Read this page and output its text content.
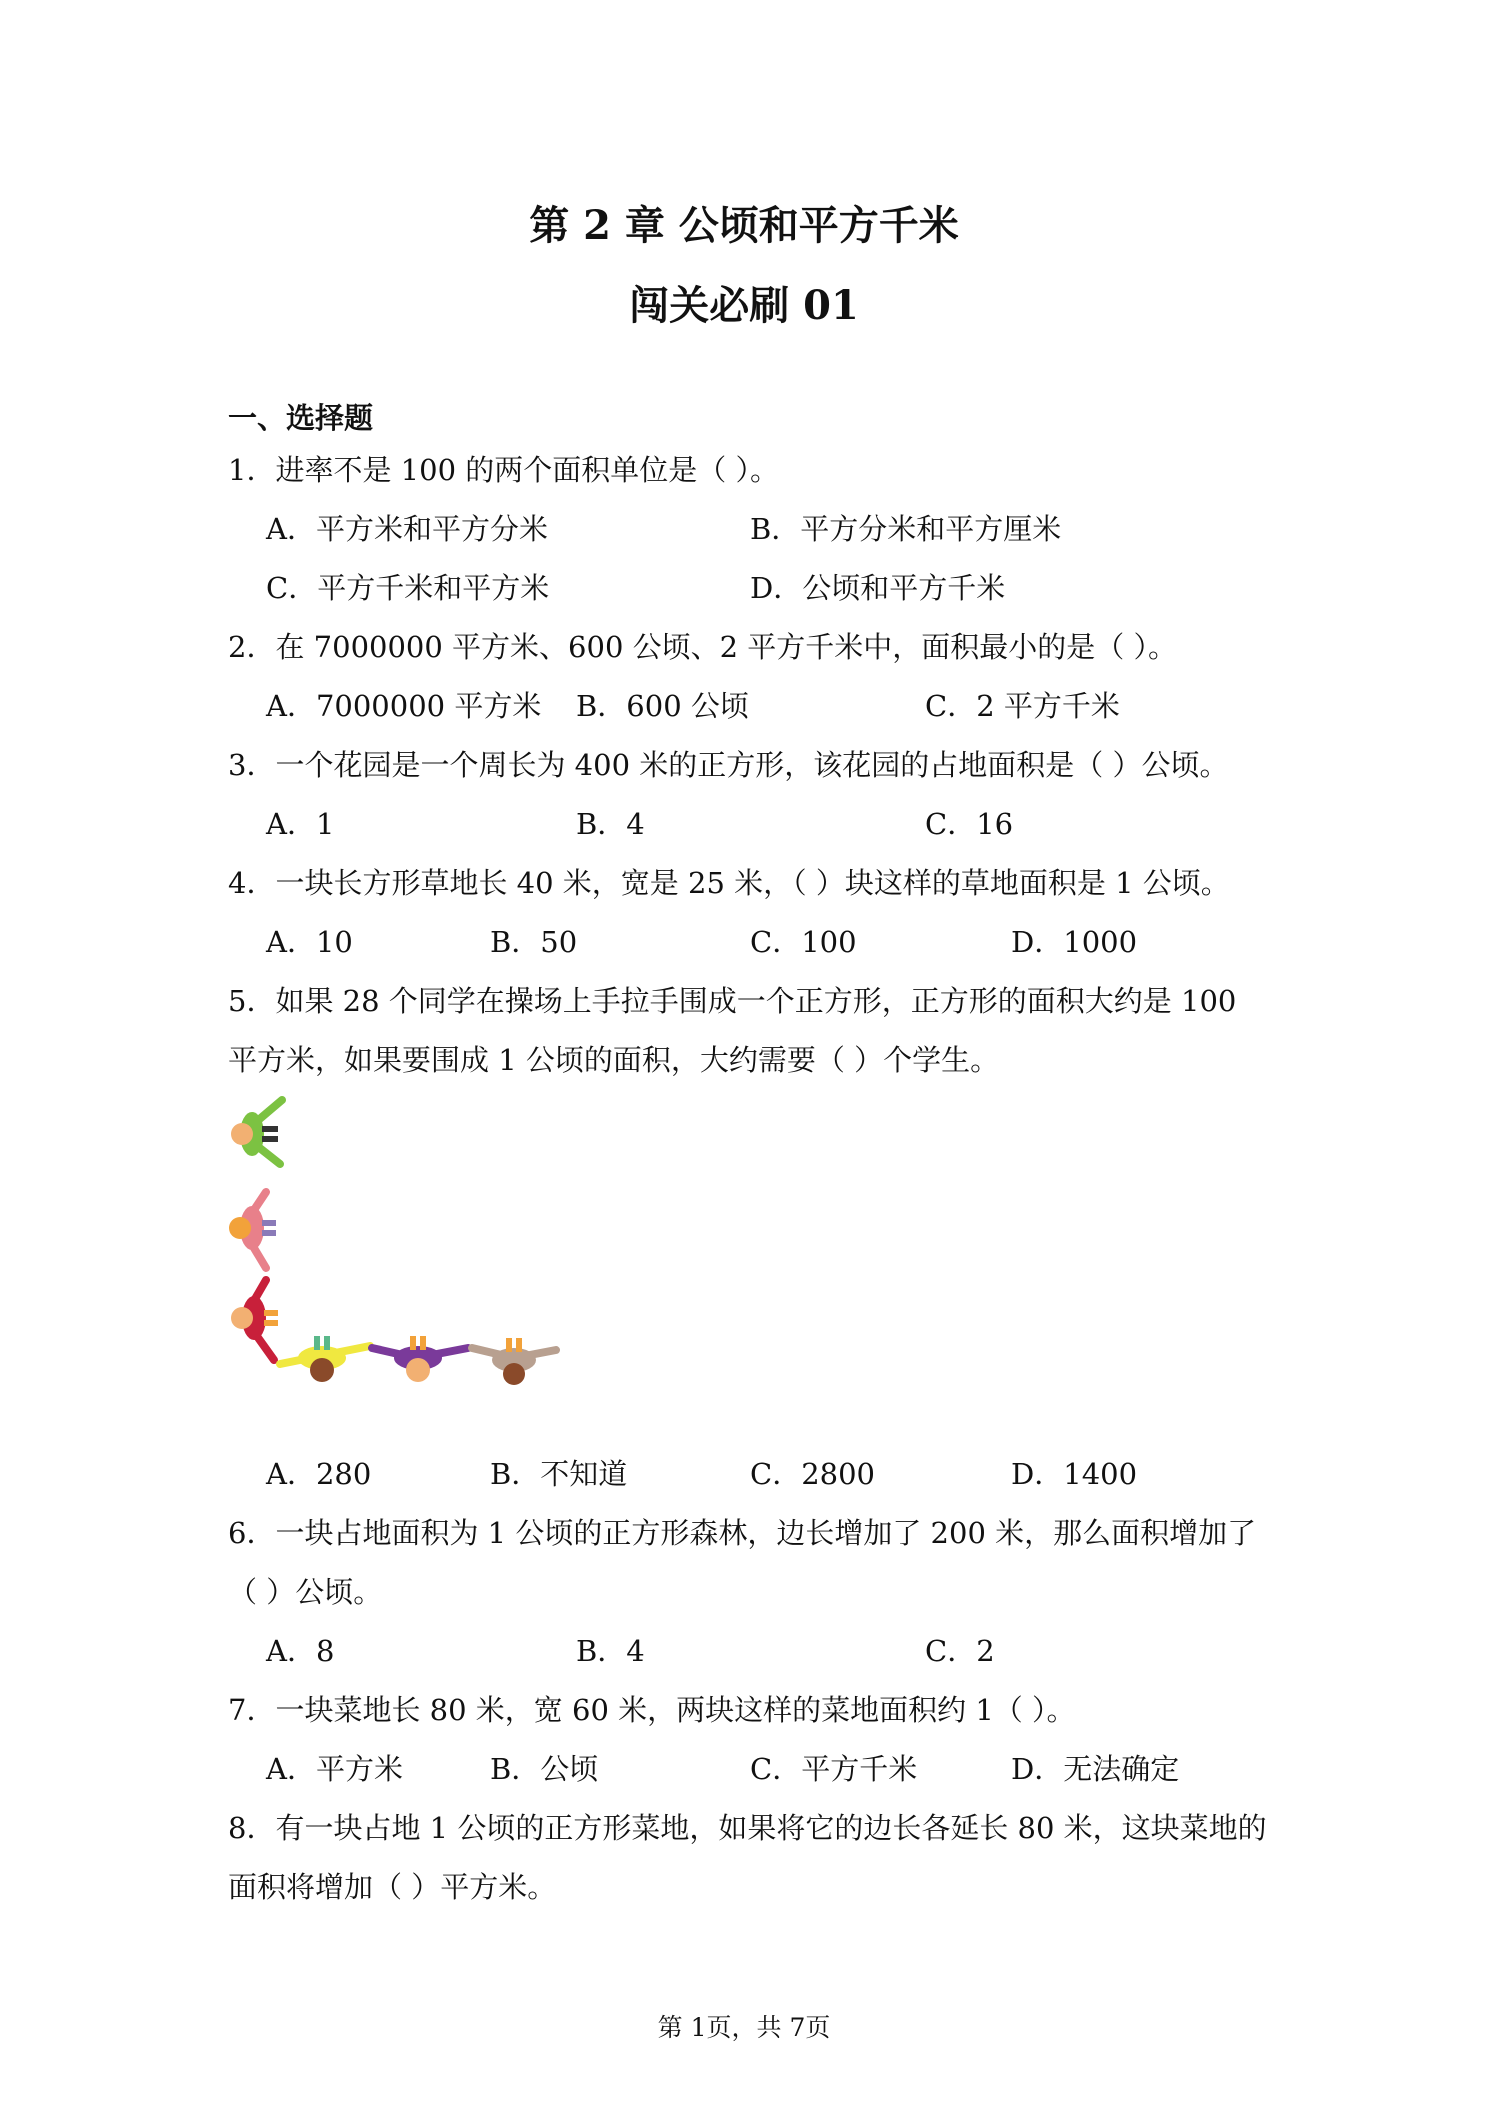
第 2 章 公顷和平方千米
闯关必刷 01
一、选择题
1．进率不是 100 的两个面积单位是（ ）。
A．平方米和平方分米	B．平方分米和平方厘米
C．平方千米和平方米	D．公顷和平方千米
2．在 7000000 平方米、600 公顷、2 平方千米中，面积最小的是（ ）。
A．7000000 平方米 B．600 公顷	C．2 平方千米
3．一个花园是一个周长为 400 米的正方形，该花园的占地面积是（ ）公顷。
A．1	B．4	C．16
4．一块长方形草地长 40 米，宽是 25 米，（ ）块这样的草地面积是 1 公顷。
A．10	B．50	C．100	D．1000
5．如果 28 个同学在操场上手拉手围成一个正方形，正方形的面积大约是 100
平方米，如果要围成 1 公顷的面积，大约需要（ ）个学生。
A．280	B．不知道	C．2800	D．1400
6．一块占地面积为 1 公顷的正方形森林，边长增加了 200 米，那么面积增加了
（ ）公顷。
A．8	B．4	C．2
7．一块菜地长 80 米，宽 60 米，两块这样的菜地面积约 1（ ）。
A．平方米	B．公顷	C．平方千米	D．无法确定
8．有一块占地 1 公顷的正方形菜地，如果将它的边长各延长 80 米，这块菜地的
面积将增加（ ）平方米。
第 1页，共 7页
